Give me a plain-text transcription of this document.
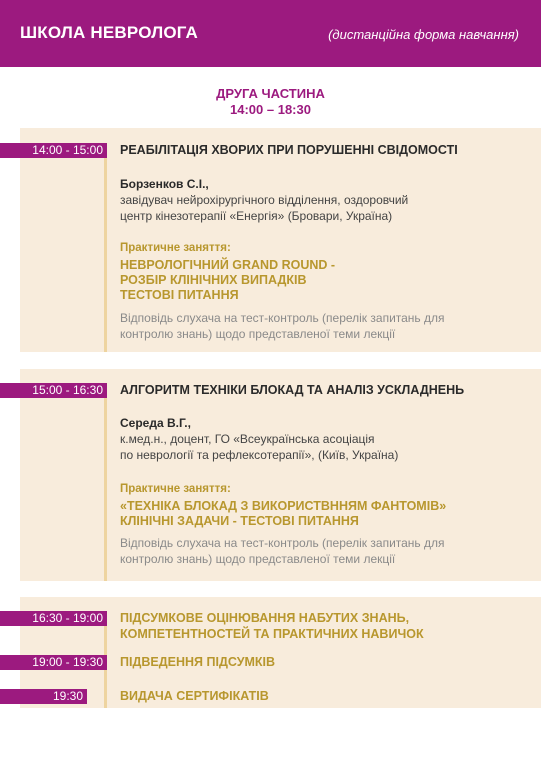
ШКОЛА НЕВРОЛОГА	(дистанційна форма навчання)
ДРУГА ЧАСТИНА
14:00 – 18:30
14:00 - 15:00	РЕАБІЛІТАЦІЯ ХВОРИХ ПРИ ПОРУШЕННІ СВІДОМОСТІ
Борзенков С.І.,
завідувач нейрохірургічного відділення, оздоровчий
центр кінезотерапії «Енергія» (Бровари, Україна)
Практичне заняття:
НЕВРОЛОГІЧНИЙ GRAND ROUND -
РОЗБІР КЛІНІЧНИХ ВИПАДКІВ
ТЕСТОВІ ПИТАННЯ
Відповідь слухача на тест-контроль (перелік запитань для
контролю знань) щодо представленої теми лекції
15:00 - 16:30	АЛГОРИТМ ТЕХНІКИ БЛОКАД ТА АНАЛІЗ УСКЛАДНЕНЬ
Середа В.Г.,
к.мед.н., доцент, ГО «Всеукраїнська асоціація
по неврології та рефлексотерапії», (Київ, Україна)
Практичне заняття:
«ТЕХНІКА БЛОКАД З ВИКОРИСТВННЯМ ФАНТОМІВ»
КЛІНІЧНІ ЗАДАЧИ - ТЕСТОВІ ПИТАННЯ
Відповідь слухача на тест-контроль (перелік запитань для
контролю знань) щодо представленої теми лекції
16:30 - 19:00	ПІДСУМКОВЕ ОЦІНЮВАННЯ НАБУТИХ ЗНАНЬ,
КОМПЕТЕНТНОСТЕЙ ТА ПРАКТИЧНИХ НАВИЧОК
19:00 - 19:30	ПІДВЕДЕННЯ ПІДСУМКІВ
19:30	ВИДАЧА СЕРТИФІКАТІВ
